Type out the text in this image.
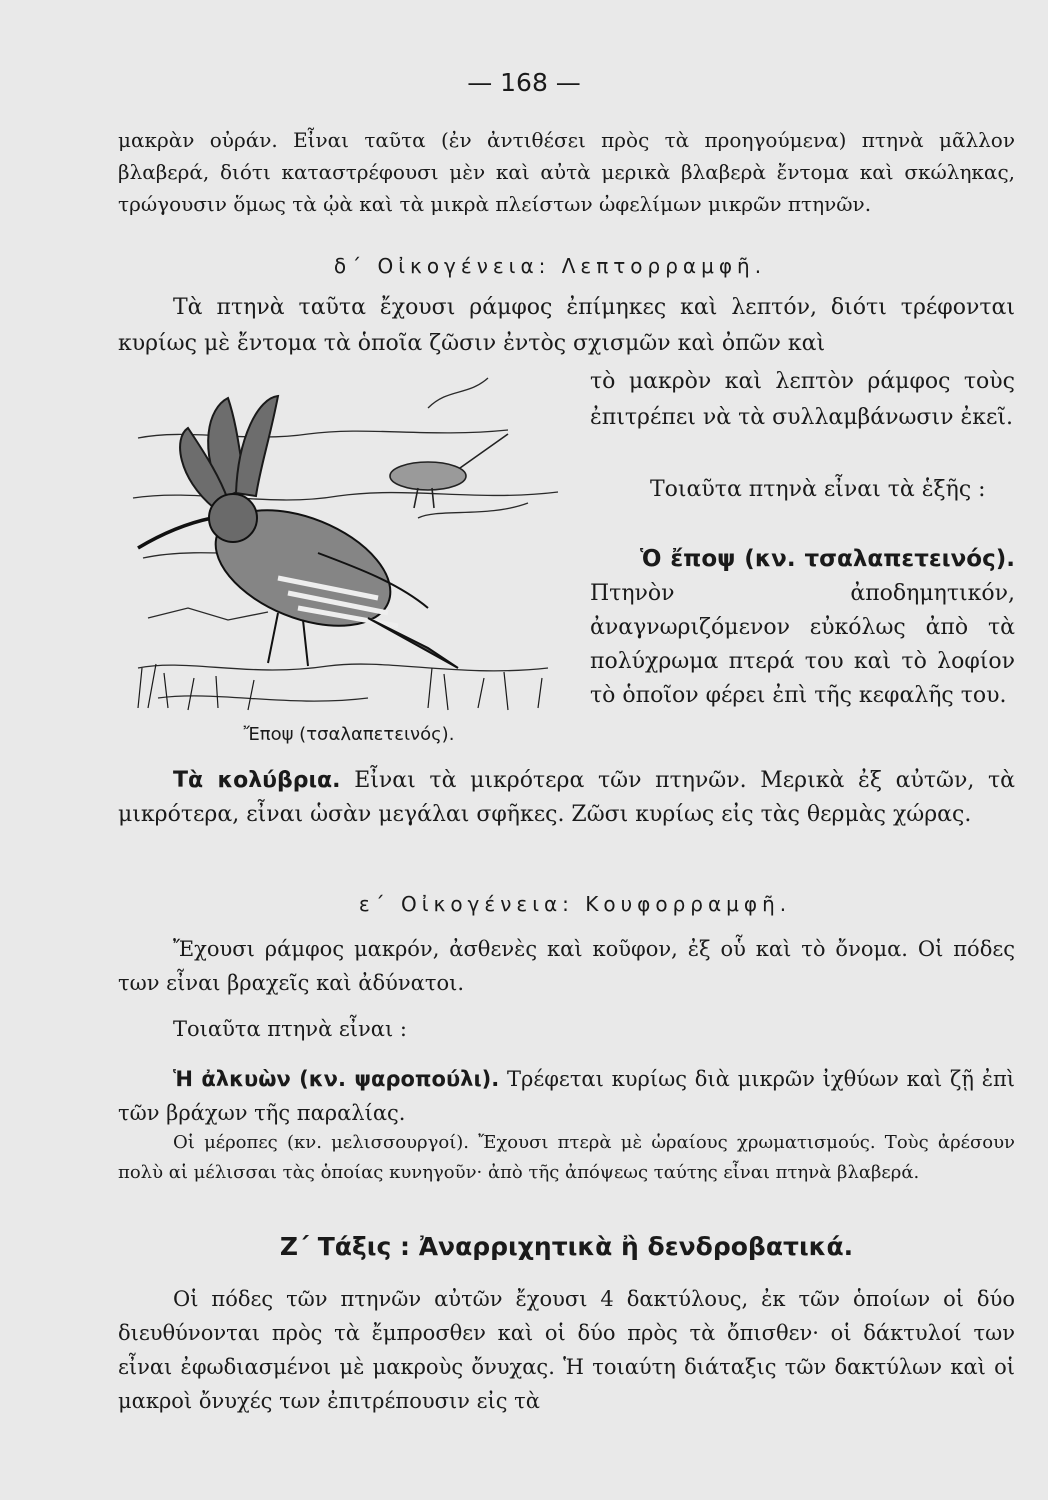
— 168 —

μακρὰν οὐράν. Εἶναι ταῦτα (ἐν ἀντιθέσει πρὸς τὰ προηγούμενα) πτηνὰ μᾶλλον βλαβερά, διότι καταστρέφουσι μὲν καὶ αὐτὰ μερικὰ βλαβερὰ ἔντομα καὶ σκώληκας, τρώγουσιν ὅμως τὰ ᾠὰ καὶ τὰ μικρὰ πλείστων ὠφελίμων μικρῶν πτηνῶν.

δ΄ Οἰκογένεια: Λεπτορραμφῆ.

Τὰ πτηνὰ ταῦτα ἔχουσι ράμφος ἐπίμηκες καὶ λεπτόν, διότι τρέφονται κυρίως μὲ ἔντομα τὰ ὁποῖα ζῶσιν ἐντὸς σχισμῶν καὶ ὀπῶν καὶ

Ἔποψ (τσαλαπετεινός).

τὸ μακρὸν καὶ λεπτὸν ράμφος τοὺς ἐπιτρέπει νὰ τὰ συλλαμβάνωσιν ἐκεῖ.

Τοιαῦτα πτηνὰ εἶναι τὰ ἑξῆς :

Ὁ ἔποψ (κν. τσαλαπετεινός). Πτηνὸν ἀποδημητικόν, ἀναγνωριζόμενον εὐκόλως ἀπὸ τὰ πολύχρωμα πτερά του καὶ τὸ λοφίον τὸ ὁποῖον φέρει ἐπὶ τῆς κεφαλῆς του.

Τὰ κολύβρια. Εἶναι τὰ μικρότερα τῶν πτηνῶν. Μερικὰ ἐξ αὐτῶν, τὰ μικρότερα, εἶναι ὡσὰν μεγάλαι σφῆκες. Ζῶσι κυρίως εἰς τὰς θερμὰς χώρας.

ε΄ Οἰκογένεια: Κουφορραμφῆ.

Ἔχουσι ράμφος μακρόν, ἀσθενὲς καὶ κοῦφον, ἐξ οὗ καὶ τὸ ὄνομα. Οἱ πόδες των εἶναι βραχεῖς καὶ ἀδύνατοι.

Τοιαῦτα πτηνὰ εἶναι :

Ἡ ἀλκυὼν (κν. ψαροπούλι). Τρέφεται κυρίως διὰ μικρῶν ἰχθύων καὶ ζῇ ἐπὶ τῶν βράχων τῆς παραλίας.

Οἱ μέροπες (κν. μελισσουργοί). Ἔχουσι πτερὰ μὲ ὡραίους χρωματισμούς. Τοὺς ἀρέσουν πολὺ αἱ μέλισσαι τὰς ὁποίας κυνηγοῦν· ἀπὸ τῆς ἀπόψεως ταύτης εἶναι πτηνὰ βλαβερά.

Ζ΄ Τάξις : Ἀναρριχητικὰ ἢ δενδροβατικά.

Οἱ πόδες τῶν πτηνῶν αὐτῶν ἔχουσι 4 δακτύλους, ἐκ τῶν ὁποίων οἱ δύο διευθύνονται πρὸς τὰ ἔμπροσθεν καὶ οἱ δύο πρὸς τὰ ὄπισθεν· οἱ δάκτυλοί των εἶναι ἐφωδιασμένοι μὲ μακροὺς ὄνυχας. Ἡ τοιαύτη διάταξις τῶν δακτύλων καὶ οἱ μακροὶ ὄνυχές των ἐπιτρέπουσιν εἰς τὰ
